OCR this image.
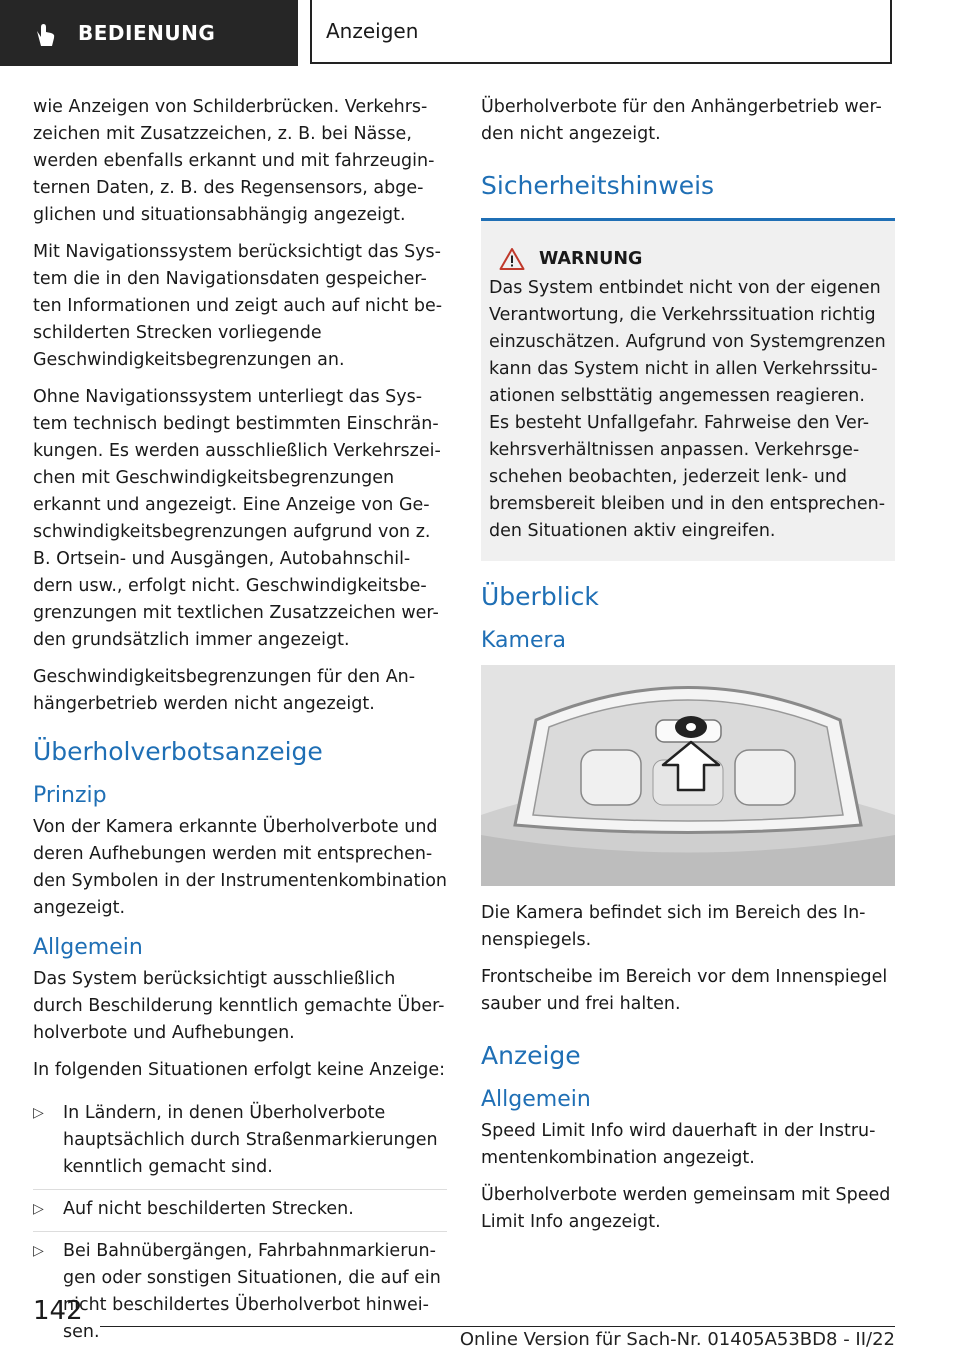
BEDIENUNG	Anzeigen

wie Anzeigen von Schilderbrücken. Verkehrs-zeichen mit Zusatzzeichen, z. B. bei Nässe, werden ebenfalls erkannt und mit fahrzeugin-ternen Daten, z. B. des Regensensors, abge-glichen und situationsabhängig angezeigt.

Mit Navigationssystem berücksichtigt das Sys-tem die in den Navigationsdaten gespeicher-ten Informationen und zeigt auch auf nicht be-schilderten Strecken vorliegende Geschwindigkeitsbegrenzungen an.

Ohne Navigationssystem unterliegt das Sys-tem technisch bedingt bestimmten Einschrän-kungen. Es werden ausschließlich Verkehrszei-chen mit Geschwindigkeitsbegrenzungen erkannt und angezeigt. Eine Anzeige von Ge-schwindigkeitsbegrenzungen aufgrund von z. B. Ortsein- und Ausgängen, Autobahnschil-dern usw., erfolgt nicht. Geschwindigkeitsbe-grenzungen mit textlichen Zusatzzeichen wer-den grundsätzlich immer angezeigt.

Geschwindigkeitsbegrenzungen für den An-hängerbetrieb werden nicht angezeigt.

Überholverbotsanzeige
Prinzip

Von der Kamera erkannte Überholverbote und deren Aufhebungen werden mit entsprechen-den Symbolen in der Instrumentenkombination angezeigt.

Allgemein

Das System berücksichtigt ausschließlich durch Beschilderung kenntlich gemachte Über-holverbote und Aufhebungen.

In folgenden Situationen erfolgt keine Anzeige:

▷	In Ländern, in denen Überholverbote hauptsächlich durch Straßenmarkierungen kenntlich gemacht sind.
▷	Auf nicht beschilderten Strecken.
▷	Bei Bahnübergängen, Fahrbahnmarkierun-gen oder sonstigen Situationen, die auf ein nicht beschildertes Überholverbot hinwei-sen.

Überholverbote für den Anhängerbetrieb wer-den nicht angezeigt.

Sicherheitshinweis
WARNUNG

Das System entbindet nicht von der eigenen Verantwortung, die Verkehrssituation richtig einzuschätzen. Aufgrund von Systemgrenzen kann das System nicht in allen Verkehrssitu-ationen selbsttätig angemessen reagieren. Es besteht Unfallgefahr. Fahrweise den Ver-kehrsverhältnissen anpassen. Verkehrsge-schehen beobachten, jederzeit lenk- und bremsbereit bleiben und in den entsprechen-den Situationen aktiv eingreifen.

Überblick
Kamera

Die Kamera befindet sich im Bereich des In-nenspiegels.

Frontscheibe im Bereich vor dem Innenspiegel sauber und frei halten.

Anzeige
Allgemein

Speed Limit Info wird dauerhaft in der Instru-mentenkombination angezeigt.

Überholverbote werden gemeinsam mit Speed Limit Info angezeigt.

142
Online Version für Sach-Nr. 01405A53BD8 - II/22
